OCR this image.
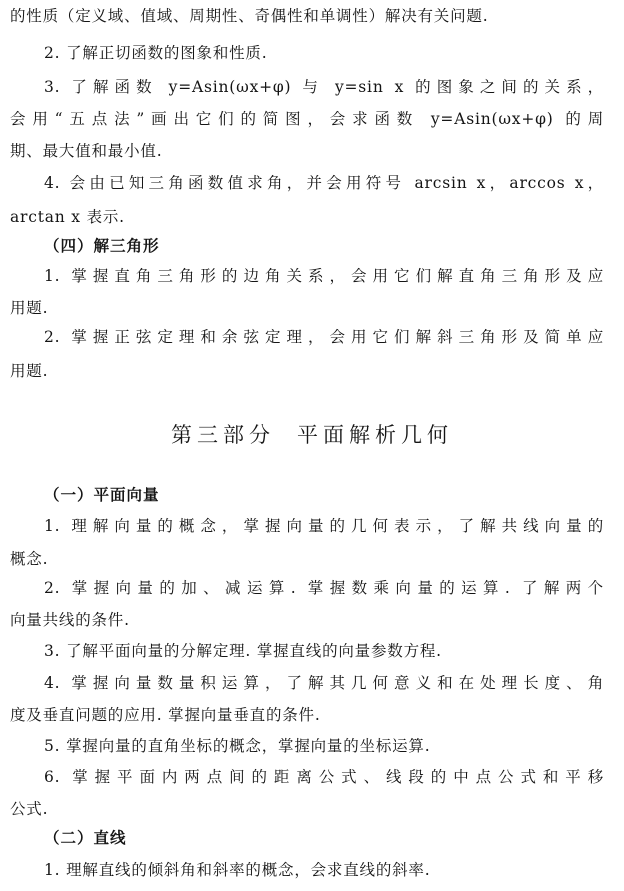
的性质（定义域、值域、周期性、奇偶性和单调性）解决有关问题.
2. 了解正切函数的图象和性质.
3. 了解函数 y=Asin(ωx+φ) 与 y=sin x 的图象之间的关系，
会用“五点法”画出它们的简图，会求函数 y=Asin(ωx+φ) 的周
期、最大值和最小值.
4. 会由已知三角函数值求角，并会用符号 arcsin x，arccos x，
arctan x 表示.
（四）解三角形
1. 掌握直角三角形的边角关系，会用它们解直角三角形及应
用题.
2. 掌握正弦定理和余弦定理，会用它们解斜三角形及简单应
用题.
第三部分 平面解析几何
（一）平面向量
1. 理解向量的概念，掌握向量的几何表示，了解共线向量的
概念.
2. 掌握向量的加、减运算. 掌握数乘向量的运算. 了解两个
向量共线的条件.
3. 了解平面向量的分解定理. 掌握直线的向量参数方程.
4. 掌握向量数量积运算，了解其几何意义和在处理长度、角
度及垂直问题的应用. 掌握向量垂直的条件.
5. 掌握向量的直角坐标的概念，掌握向量的坐标运算.
6. 掌握平面内两点间的距离公式、线段的中点公式和平移
公式.
（二）直线
1. 理解直线的倾斜角和斜率的概念，会求直线的斜率.
